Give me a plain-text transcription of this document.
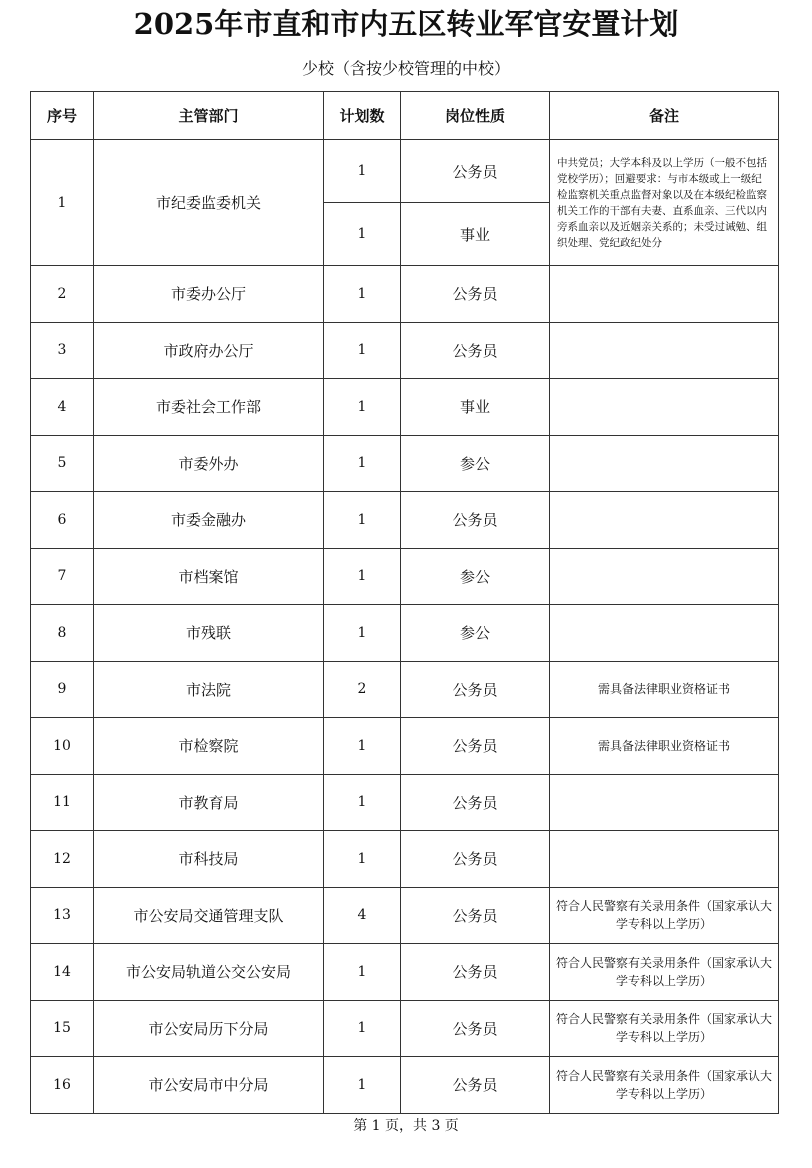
2025年市直和市内五区转业军官安置计划
少校（含按少校管理的中校）
序号	主管部门	计划数	岗位性质	备注
1	市纪委监委机关	1	公务员	中共党员；大学本科及以上学历（一般不包括党校学历）；回避要求：与市本级或上一级纪检监察机关重点监督对象以及在本级纪检监察机关工作的干部有夫妻、直系血亲、三代以内旁系血亲以及近姻亲关系的；未受过诫勉、组织处理、党纪政纪处分
		1	事业	
2	市委办公厅	1	公务员	
3	市政府办公厅	1	公务员	
4	市委社会工作部	1	事业	
5	市委外办	1	参公	
6	市委金融办	1	公务员	
7	市档案馆	1	参公	
8	市残联	1	参公	
9	市法院	2	公务员	需具备法律职业资格证书
10	市检察院	1	公务员	需具备法律职业资格证书
11	市教育局	1	公务员	
12	市科技局	1	公务员	
13	市公安局交通管理支队	4	公务员	符合人民警察有关录用条件（国家承认大学专科以上学历）
14	市公安局轨道公交公安局	1	公务员	符合人民警察有关录用条件（国家承认大学专科以上学历）
15	市公安局历下分局	1	公务员	符合人民警察有关录用条件（国家承认大学专科以上学历）
16	市公安局市中分局	1	公务员	符合人民警察有关录用条件（国家承认大学专科以上学历）
第 1 页，共 3 页
